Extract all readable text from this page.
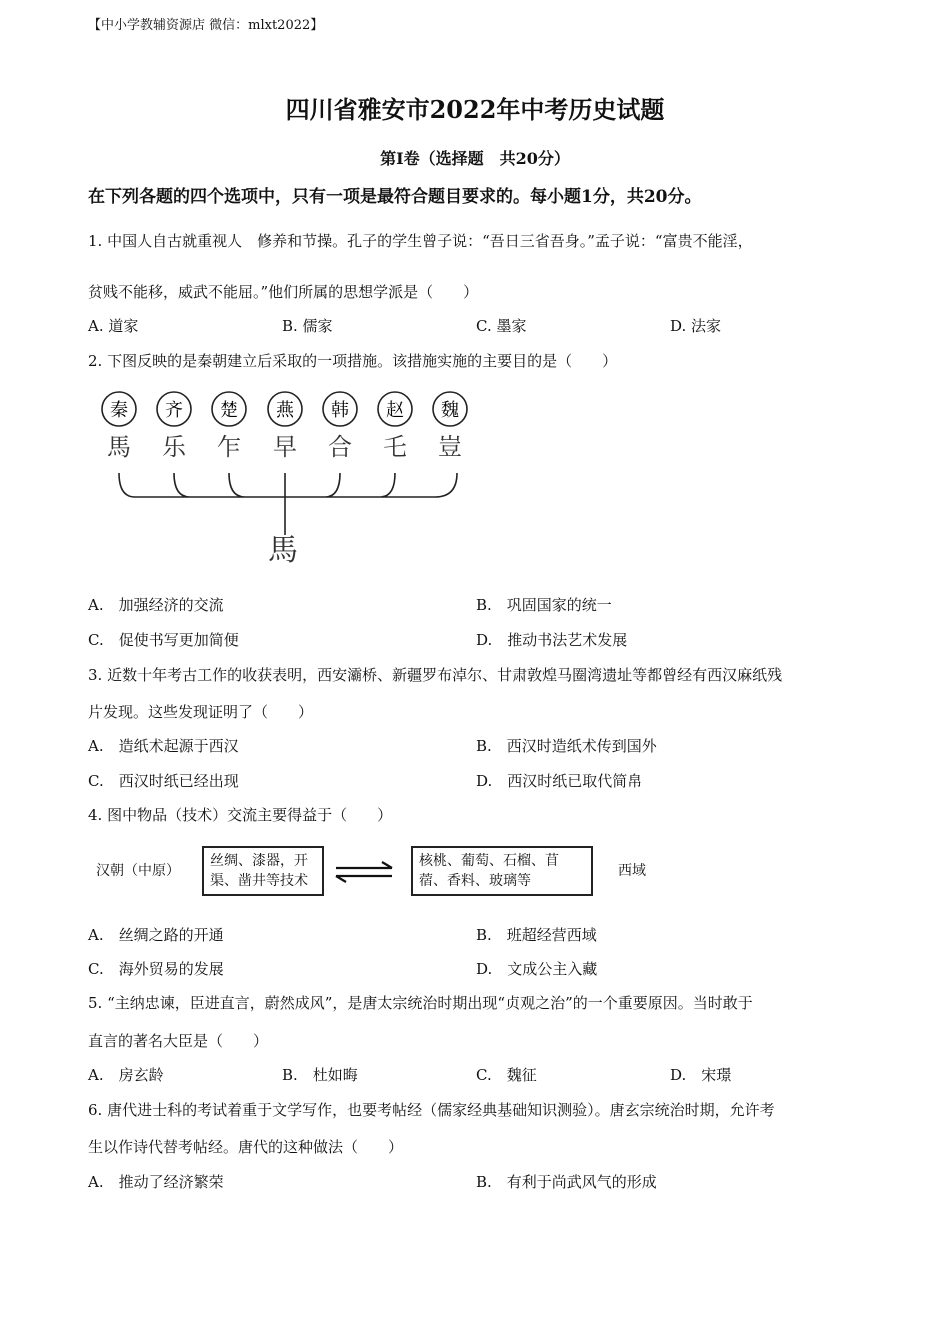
【中小学教辅资源店 微信：mlxt2022】
四川省雅安市2022年中考历史试题
第Ⅰ卷（选择题　共20分）
在下列各题的四个选项中，只有一项是最符合题目要求的。每小题1分，共20分。
1. 中国人自古就重视人　修养和节操。孔子的学生曾子说：“吾日三省吾身。”孟子说：“富贵不能淫，
贫贱不能移，威武不能屈。”他们所属的思想学派是（　　）
A. 道家	B. 儒家	C. 墨家	D. 法家
2. 下图反映的是秦朝建立后采取的一项措施。该措施实施的主要目的是（　　）
秦 齐 楚 燕 韩 赵 魏
馬 乐 乍 早 合 乇 豈
馬
A.　加强经济的交流	B.　巩固国家的统一
C.　促使书写更加简便	D.　推动书法艺术发展
3. 近数十年考古工作的收获表明，西安灞桥、新疆罗布淖尔、甘肃敦煌马圈湾遗址等都曾经有西汉麻纸残
片发现。这些发现证明了（　　）
A.　造纸术起源于西汉	B.　西汉时造纸术传到国外
C.　西汉时纸已经出现	D.　西汉时纸已取代简帛
4. 图中物品（技术）交流主要得益于（　　）
汉朝（中原）
丝绸、漆器，开渠、凿井等技术
核桃、葡萄、石榴、苜蓿、香料、玻璃等
西域
A.　丝绸之路的开通	B.　班超经营西域
C.　海外贸易的发展	D.　文成公主入藏
5. “主纳忠谏，臣进直言，蔚然成风”，是唐太宗统治时期出现“贞观之治”的一个重要原因。当时敢于
直言的著名大臣是（　　）
A.　房玄龄	B.　杜如晦	C.　魏征	D.　宋璟
6. 唐代进士科的考试着重于文学写作，也要考帖经（儒家经典基础知识测验）。唐玄宗统治时期，允许考
生以作诗代替考帖经。唐代的这种做法（　　）
A.　推动了经济繁荣	B.　有利于尚武风气的形成
